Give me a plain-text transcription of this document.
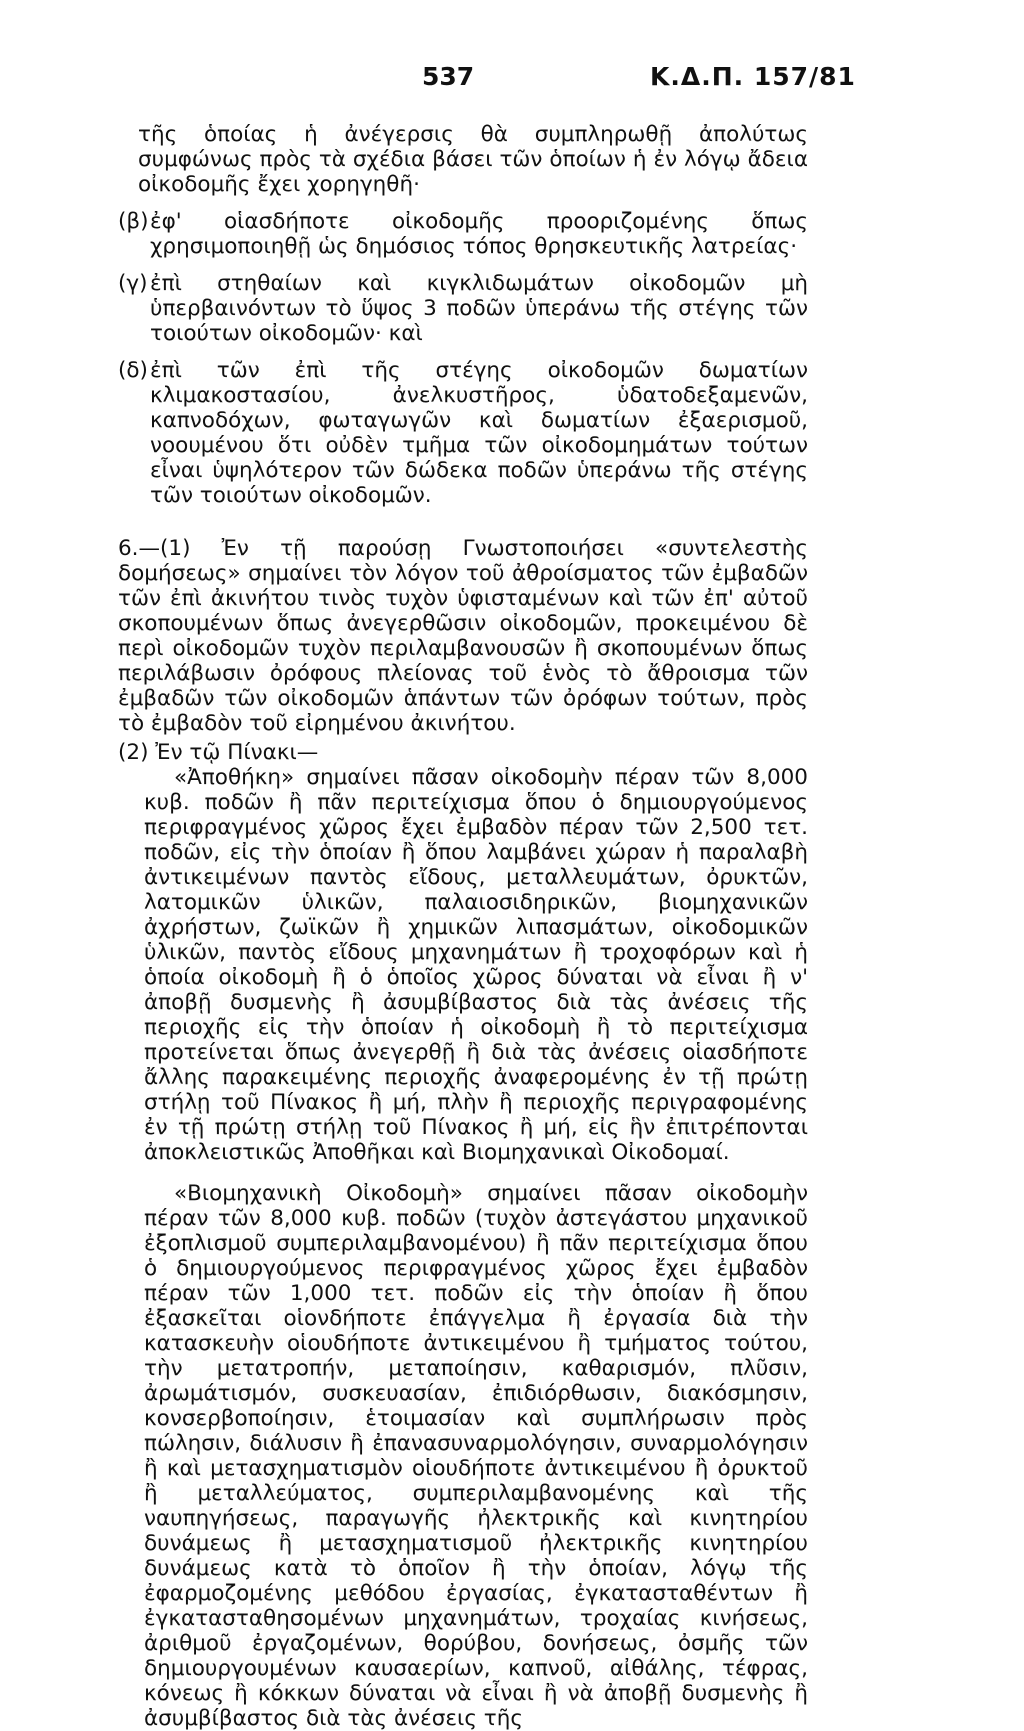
537	Κ.Δ.Π. 157/81

τῆς ὁποίας ἡ ἀνέγερσις θὰ συμπληρωθῇ ἀπολύτως συμφώνως πρὸς τὰ σχέδια βάσει τῶν ὁποίων ἡ ἐν λόγῳ ἄδεια οἰκοδομῆς ἔχει χορηγηθῆ·

(β) ἐφ' οἱασδήποτε οἰκοδομῆς προοριζομένης ὅπως χρησιμοποιηθῇ ὡς δημόσιος τόπος θρησκευτικῆς λατρείας·
(γ) ἐπὶ στηθαίων καὶ κιγκλιδωμάτων οἰκοδομῶν μὴ ὑπερβαινόντων τὸ ὕψος 3 ποδῶν ὑπεράνω τῆς στέγης τῶν τοιούτων οἰκοδομῶν· καὶ
(δ) ἐπὶ τῶν ἐπὶ τῆς στέγης οἰκοδομῶν δωματίων κλιμακοστασίου, ἀνελκυστῆρος, ὑδατοδεξαμενῶν, καπνοδόχων, φωταγωγῶν καὶ δωματίων ἐξαερισμοῦ, νοουμένου ὅτι οὐδὲν τμῆμα τῶν οἰκοδομημάτων τούτων εἶναι ὑψηλότερον τῶν δώδεκα ποδῶν ὑπεράνω τῆς στέγης τῶν τοιούτων οἰκοδομῶν.

6.—(1) Ἐν τῇ παρούσῃ Γνωστοποιήσει «συντελεστὴς δομήσεως» σημαίνει τὸν λόγον τοῦ ἀθροίσματος τῶν ἐμβαδῶν τῶν ἐπὶ ἀκινήτου τινὸς τυχὸν ὑφισταμένων καὶ τῶν ἐπ' αὐτοῦ σκοπουμένων ὅπως ἀνεγερθῶσιν οἰκοδομῶν, προκειμένου δὲ περὶ οἰκοδομῶν τυχὸν περιλαμβανουσῶν ἢ σκοπουμένων ὅπως περιλάβωσιν ὀρόφους πλείονας τοῦ ἑνὸς τὸ ἄθροισμα τῶν ἐμβαδῶν τῶν οἰκοδομῶν ἁπάντων τῶν ὀρόφων τούτων, πρὸς τὸ ἐμβαδὸν τοῦ εἰρημένου ἀκινήτου.

(2) Ἐν τῷ Πίνακι—

«Ἀποθήκη» σημαίνει πᾶσαν οἰκοδομὴν πέραν τῶν 8,000 κυβ. ποδῶν ἢ πᾶν περιτείχισμα ὅπου ὁ δημιουργούμενος περιφραγμένος χῶρος ἔχει ἐμβαδὸν πέραν τῶν 2,500 τετ. ποδῶν, εἰς τὴν ὁποίαν ἢ ὅπου λαμβάνει χώραν ἡ παραλαβὴ ἀντικειμένων παντὸς εἴδους, μεταλλευμάτων, ὀρυκτῶν, λατομικῶν ὑλικῶν, παλαιοσιδηρικῶν, βιομηχανικῶν ἀχρήστων, ζωϊκῶν ἢ χημικῶν λιπασμάτων, οἰκοδομικῶν ὑλικῶν, παντὸς εἴδους μηχανημάτων ἢ τροχοφόρων καὶ ἡ ὁποία οἰκοδομὴ ἢ ὁ ὁποῖος χῶρος δύναται νὰ εἶναι ἢ ν' ἀποβῇ δυσμενὴς ἢ ἀσυμβίβαστος διὰ τὰς ἀνέσεις τῆς περιοχῆς εἰς τὴν ὁποίαν ἡ οἰκοδομὴ ἢ τὸ περιτείχισμα προτείνεται ὅπως ἀνεγερθῇ ἢ διὰ τὰς ἀνέσεις οἱασδήποτε ἄλλης παρακειμένης περιοχῆς ἀναφερομένης ἐν τῇ πρώτῃ στήλῃ τοῦ Πίνακος ἢ μή, πλὴν ἢ περιοχῆς περιγραφομένης ἐν τῇ πρώτῃ στήλῃ τοῦ Πίνακος ἢ μή, εἰς ἣν ἐπιτρέπονται ἀποκλειστικῶς Ἀποθῆκαι καὶ Βιομηχανικαὶ Οἰκοδομαί.

«Βιομηχανικὴ Οἰκοδομὴ» σημαίνει πᾶσαν οἰκοδομὴν πέραν τῶν 8,000 κυβ. ποδῶν (τυχὸν ἀστεγάστου μηχανικοῦ ἐξοπλισμοῦ συμπεριλαμβανομένου) ἢ πᾶν περιτείχισμα ὅπου ὁ δημιουργούμενος περιφραγμένος χῶρος ἔχει ἐμβαδὸν πέραν τῶν 1,000 τετ. ποδῶν εἰς τὴν ὁποίαν ἢ ὅπου ἐξασκεῖται οἱονδήποτε ἐπάγγελμα ἢ ἐργασία διὰ τὴν κατασκευὴν οἱουδήποτε ἀντικειμένου ἢ τμήματος τούτου, τὴν μετατροπήν, μεταποίησιν, καθαρισμόν, πλῦσιν, ἀρωμάτισμόν, συσκευασίαν, ἐπιδιόρθωσιν, διακόσμησιν, κονσερβοποίησιν, ἑτοιμασίαν καὶ συμπλήρωσιν πρὸς πώλησιν, διάλυσιν ἢ ἐπανασυναρμολόγησιν, συναρμολόγησιν ἢ καὶ μετασχηματισμὸν οἱουδήποτε ἀντικειμένου ἢ ὀρυκτοῦ ἢ μεταλλεύματος, συμπεριλαμβανομένης καὶ τῆς ναυπηγήσεως, παραγωγῆς ἠλεκτρικῆς καὶ κινητηρίου δυνάμεως ἢ μετασχηματισμοῦ ἠλεκτρικῆς κινητηρίου δυνάμεως κατὰ τὸ ὁποῖον ἢ τὴν ὁποίαν, λόγῳ τῆς ἐφαρμοζομένης μεθόδου ἐργασίας, ἐγκατασταθέντων ἢ ἐγκατασταθησομένων μηχανημάτων, τροχαίας κινήσεως, ἀριθμοῦ ἐργαζομένων, θορύβου, δονήσεως, ὀσμῆς τῶν δημιουργουμένων καυσαερίων, καπνοῦ, αἰθάλης, τέφρας, κόνεως ἢ κόκκων δύναται νὰ εἶναι ἢ νὰ ἀποβῇ δυσμενὴς ἢ ἀσυμβίβαστος διὰ τὰς ἀνέσεις τῆς
